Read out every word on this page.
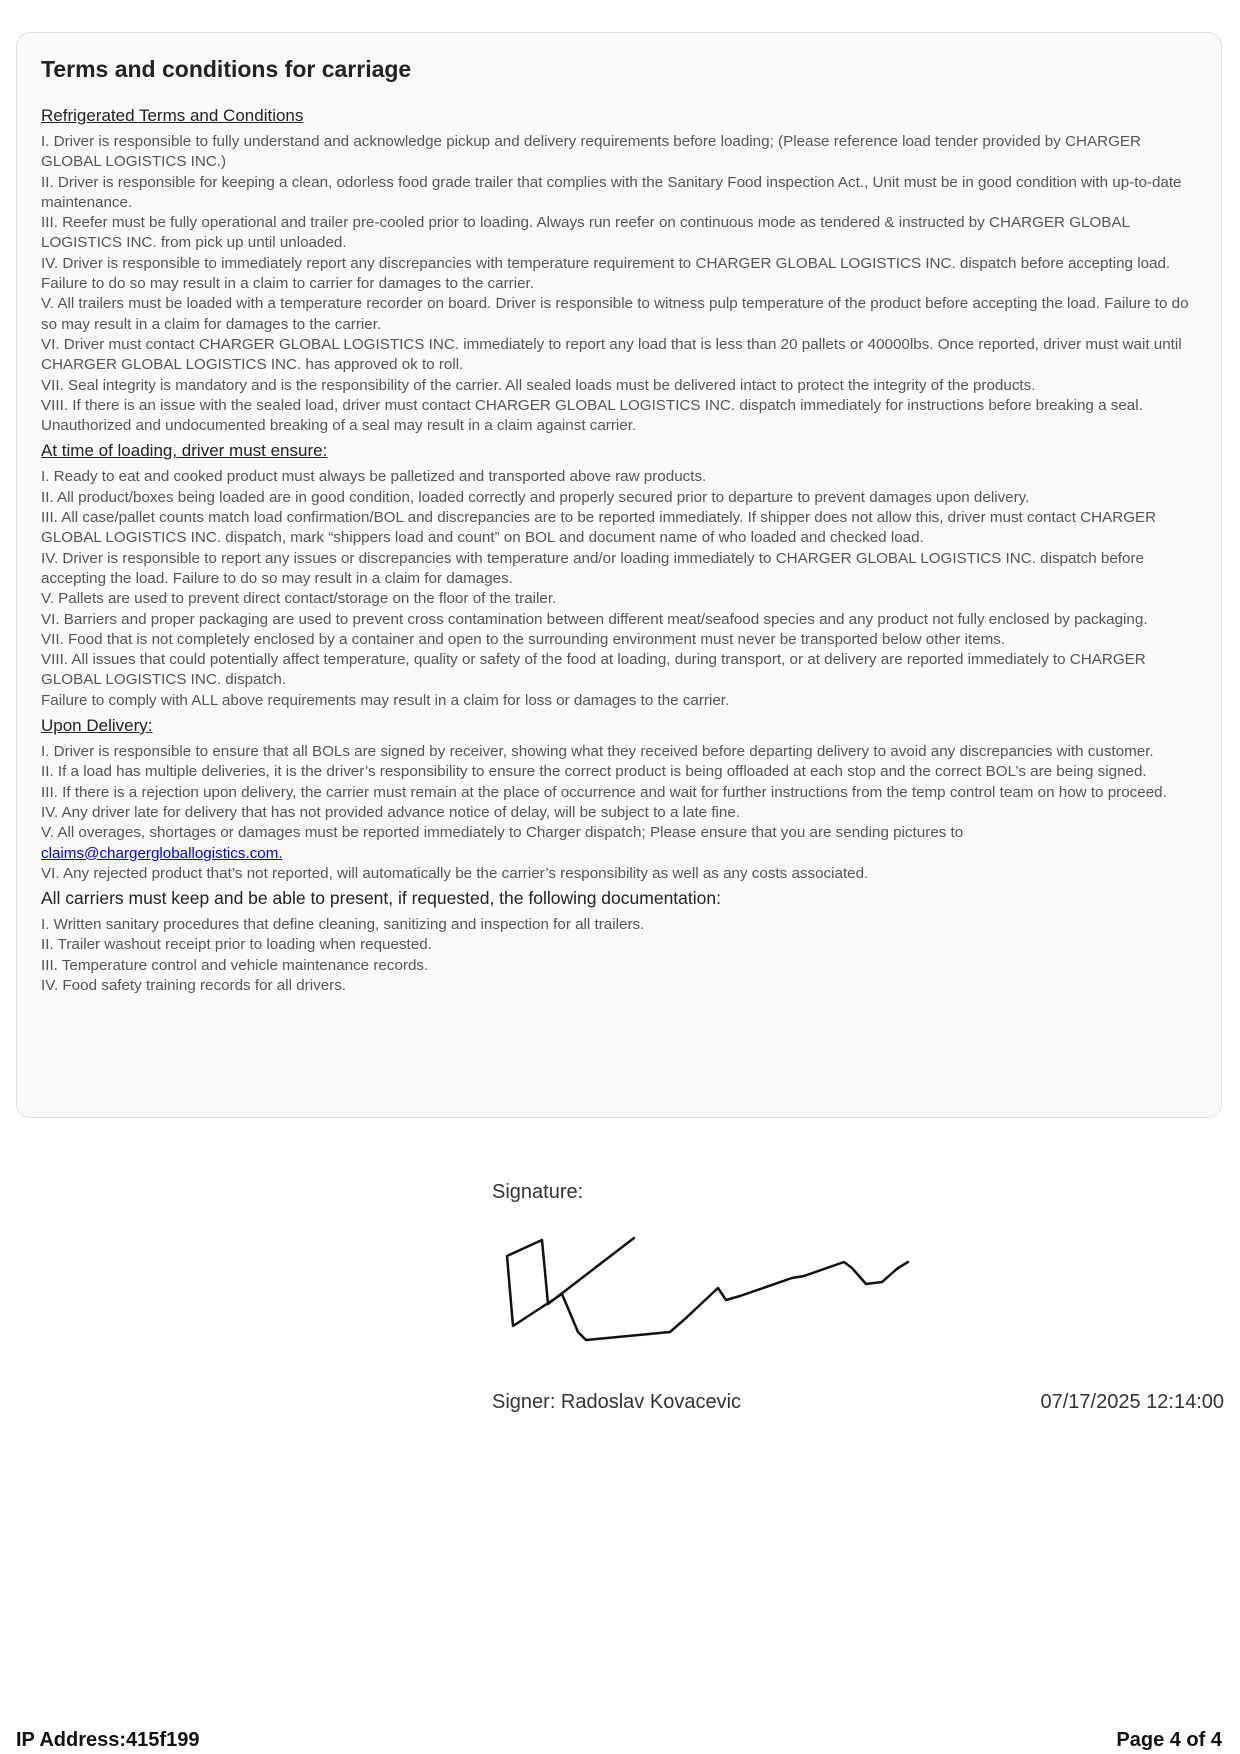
Terms and conditions for carriage
Refrigerated Terms and Conditions

I. Driver is responsible to fully understand and acknowledge pickup and delivery requirements before loading; (Please reference load tender provided by CHARGER GLOBAL LOGISTICS INC.)

II. Driver is responsible for keeping a clean, odorless food grade trailer that complies with the Sanitary Food inspection Act., Unit must be in good condition with up-to-date maintenance.

III. Reefer must be fully operational and trailer pre-cooled prior to loading. Always run reefer on continuous mode as tendered & instructed by CHARGER GLOBAL LOGISTICS INC. from pick up until unloaded.

IV. Driver is responsible to immediately report any discrepancies with temperature requirement to CHARGER GLOBAL LOGISTICS INC. dispatch before accepting load. Failure to do so may result in a claim to carrier for damages to the carrier.

V. All trailers must be loaded with a temperature recorder on board. Driver is responsible to witness pulp temperature of the product before accepting the load. Failure to do so may result in a claim for damages to the carrier.

VI. Driver must contact CHARGER GLOBAL LOGISTICS INC. immediately to report any load that is less than 20 pallets or 40000lbs. Once reported, driver must wait until CHARGER GLOBAL LOGISTICS INC. has approved ok to roll.

VII. Seal integrity is mandatory and is the responsibility of the carrier. All sealed loads must be delivered intact to protect the integrity of the products.

VIII. If there is an issue with the sealed load, driver must contact CHARGER GLOBAL LOGISTICS INC. dispatch immediately for instructions before breaking a seal. Unauthorized and undocumented breaking of a seal may result in a claim against carrier.

At time of loading, driver must ensure:

I. Ready to eat and cooked product must always be palletized and transported above raw products.

II. All product/boxes being loaded are in good condition, loaded correctly and properly secured prior to departure to prevent damages upon delivery.

III. All case/pallet counts match load confirmation/BOL and discrepancies are to be reported immediately. If shipper does not allow this, driver must contact CHARGER GLOBAL LOGISTICS INC. dispatch, mark “shippers load and count” on BOL and document name of who loaded and checked load.

IV. Driver is responsible to report any issues or discrepancies with temperature and/or loading immediately to CHARGER GLOBAL LOGISTICS INC. dispatch before accepting the load. Failure to do so may result in a claim for damages.

V. Pallets are used to prevent direct contact/storage on the floor of the trailer.

VI. Barriers and proper packaging are used to prevent cross contamination between different meat/seafood species and any product not fully enclosed by packaging.

VII. Food that is not completely enclosed by a container and open to the surrounding environment must never be transported below other items.

VIII. All issues that could potentially affect temperature, quality or safety of the food at loading, during transport, or at delivery are reported immediately to CHARGER GLOBAL LOGISTICS INC. dispatch.

Failure to comply with ALL above requirements may result in a claim for loss or damages to the carrier.

Upon Delivery:

I. Driver is responsible to ensure that all BOLs are signed by receiver, showing what they received before departing delivery to avoid any discrepancies with customer.

II. If a load has multiple deliveries, it is the driver’s responsibility to ensure the correct product is being offloaded at each stop and the correct BOL’s are being signed.

III. If there is a rejection upon delivery, the carrier must remain at the place of occurrence and wait for further instructions from the temp control team on how to proceed.

IV. Any driver late for delivery that has not provided advance notice of delay, will be subject to a late fine.

V. All overages, shortages or damages must be reported immediately to Charger dispatch; Please ensure that you are sending pictures to
claims@chargergloballogistics.com.

VI. Any rejected product that’s not reported, will automatically be the carrier’s responsibility as well as any costs associated.

All carriers must keep and be able to present, if requested, the following documentation:

I. Written sanitary procedures that define cleaning, sanitizing and inspection for all trailers.

II. Trailer washout receipt prior to loading when requested.

III. Temperature control and vehicle maintenance records.

IV. Food safety training records for all drivers.

Signature:
Signer: Radoslav Kovacevic	07/17/2025 12:14:00
IP Address:415f199	Page 4 of 4
